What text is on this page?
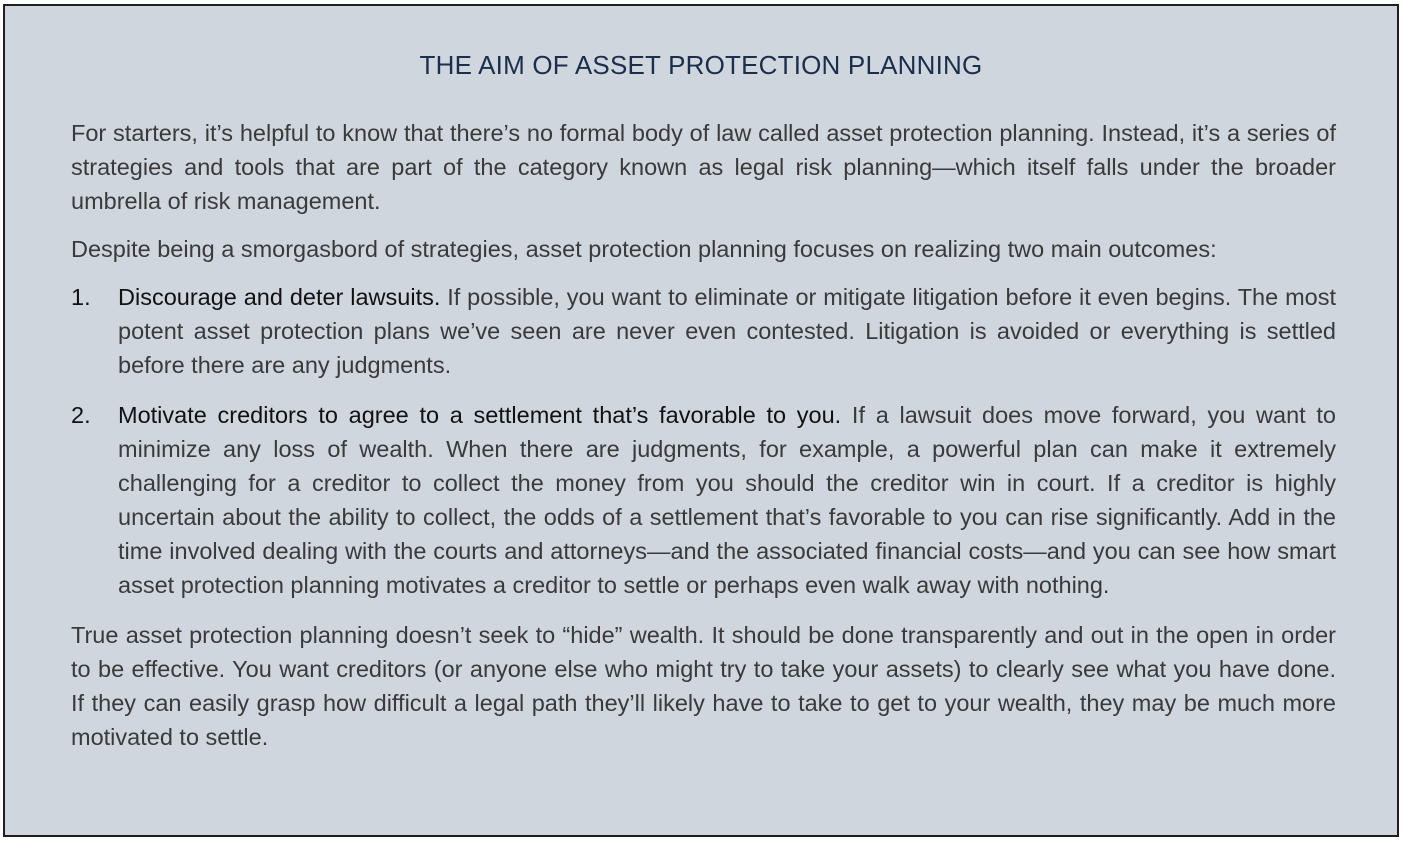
THE AIM OF ASSET PROTECTION PLANNING

For starters, it’s helpful to know that there’s no formal body of law called asset protection planning. Instead, it’s a series of strategies and tools that are part of the category known as legal risk planning—which itself falls under the broader umbrella of risk management.

Despite being a smorgasbord of strategies, asset protection planning focuses on realizing two main outcomes:

1. Discourage and deter lawsuits. If possible, you want to eliminate or mitigate litigation before it even begins. The most potent asset protection plans we’ve seen are never even contested. Litigation is avoided or everything is settled before there are any judgments.
2. Motivate creditors to agree to a settlement that’s favorable to you. If a lawsuit does move forward, you want to minimize any loss of wealth. When there are judgments, for example, a powerful plan can make it extremely challenging for a creditor to collect the money from you should the creditor win in court. If a creditor is highly uncertain about the ability to collect, the odds of a settlement that’s favorable to you can rise significantly. Add in the time involved dealing with the courts and attorneys—and the associated financial costs—and you can see how smart asset protection planning motivates a creditor to settle or perhaps even walk away with nothing.

True asset protection planning doesn’t seek to “hide” wealth. It should be done transparently and out in the open in order to be effective. You want creditors (or anyone else who might try to take your assets) to clearly see what you have done. If they can easily grasp how difficult a legal path they’ll likely have to take to get to your wealth, they may be much more motivated to settle.
